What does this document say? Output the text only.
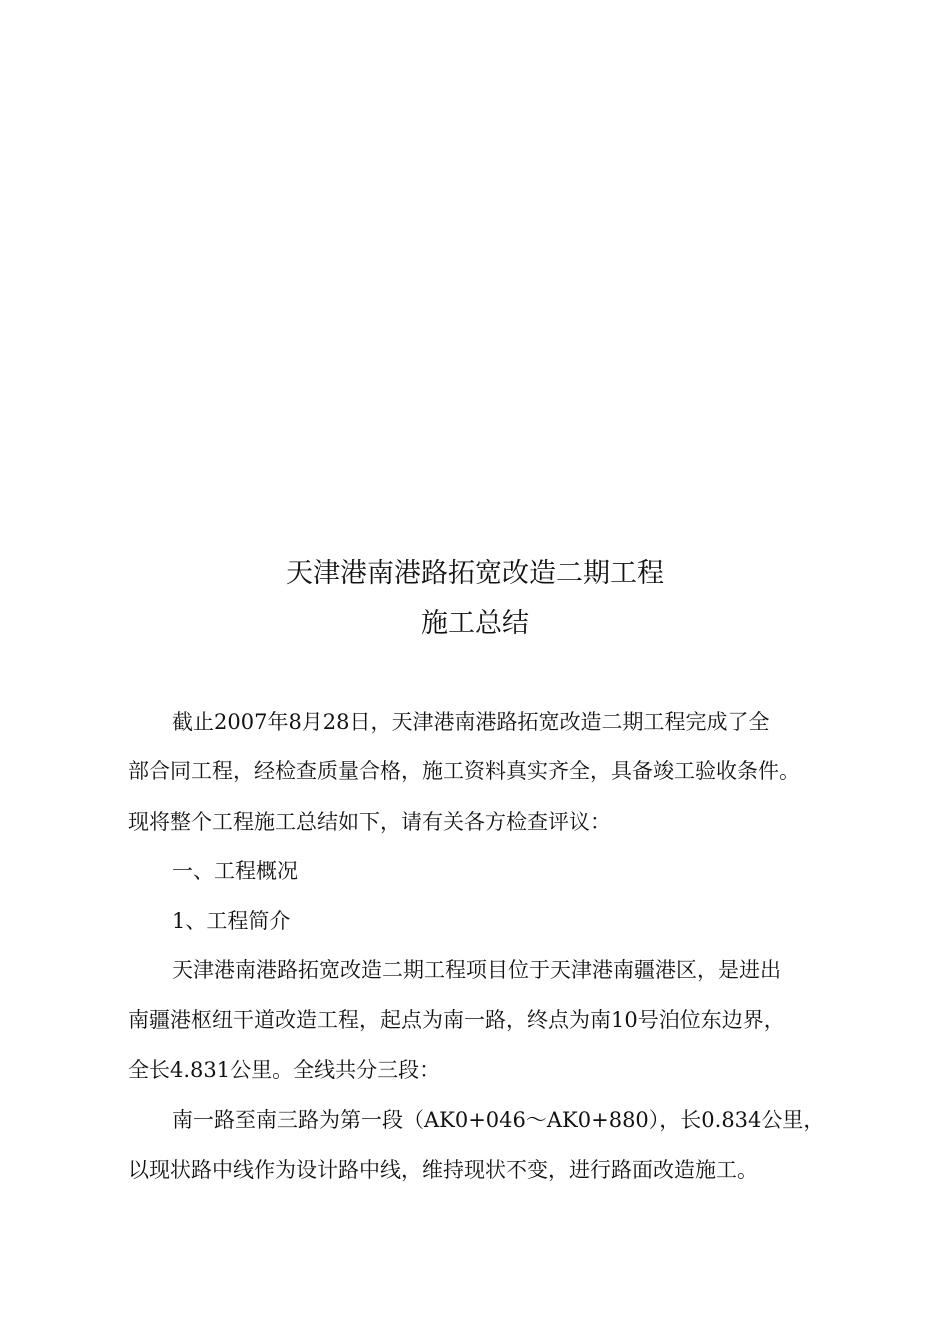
天津港南港路拓宽改造二期工程
施工总结
截止2007年8月28日，天津港南港路拓宽改造二期工程完成了全
部合同工程，经检查质量合格，施工资料真实齐全，具备竣工验收条件。
现将整个工程施工总结如下，请有关各方检查评议：
一、工程概况
1、工程简介
天津港南港路拓宽改造二期工程项目位于天津港南疆港区，是进出
南疆港枢纽干道改造工程，起点为南一路，终点为南10号泊位东边界，
全长4.831公里。全线共分三段：
南一路至南三路为第一段（AK0+046～AK0+880），长0.834公里，
以现状路中线作为设计路中线，维持现状不变，进行路面改造施工。
